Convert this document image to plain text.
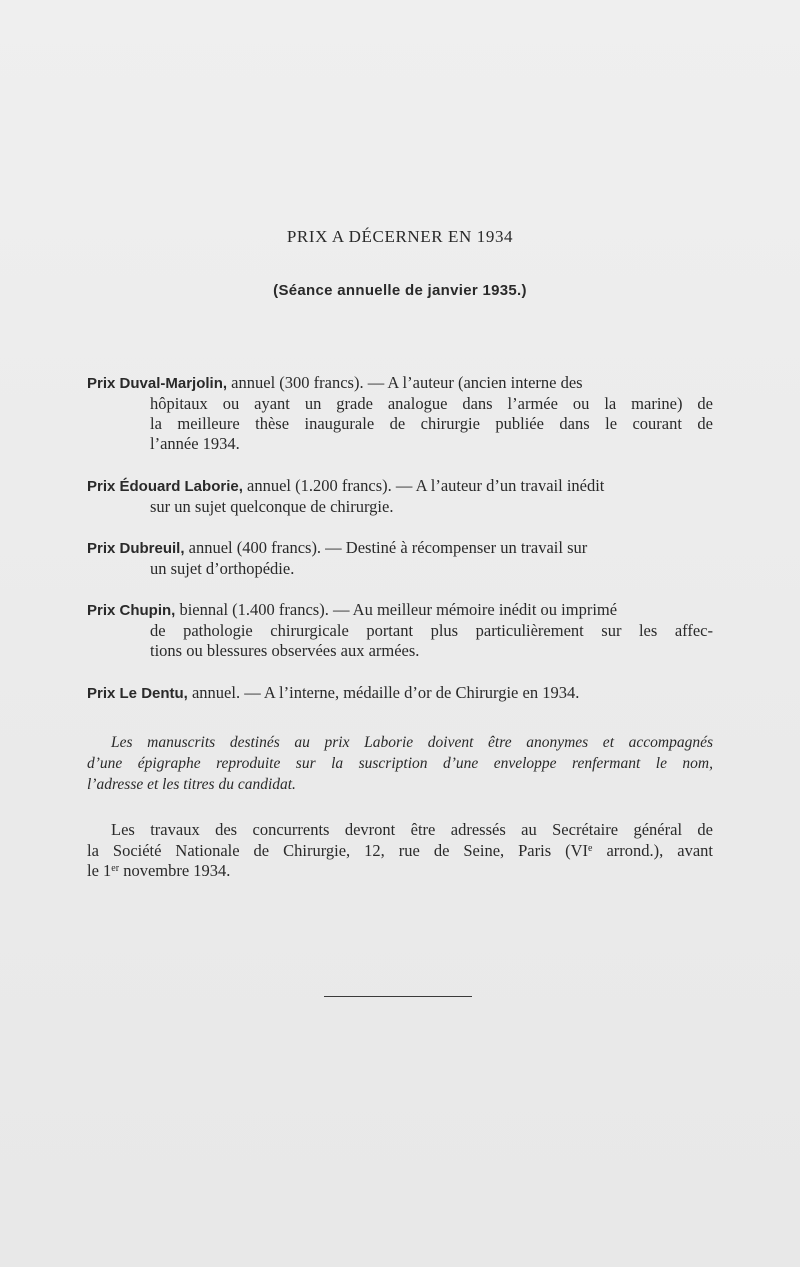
PRIX A DÉCERNER EN 1934
(Séance annuelle de janvier 1935.)
Prix Duval-Marjolin, annuel (300 francs). — A l’auteur (ancien interne des
hôpitaux ou ayant un grade analogue dans l’armée ou la marine) de
la meilleure thèse inaugurale de chirurgie publiée dans le courant de
l’année 1934.
Prix Édouard Laborie, annuel (1.200 francs). — A l’auteur d’un travail inédit
sur un sujet quelconque de chirurgie.
Prix Dubreuil, annuel (400 francs). — Destiné à récompenser un travail sur
un sujet d’orthopédie.
Prix Chupin, biennal (1.400 francs). — Au meilleur mémoire inédit ou imprimé
de pathologie chirurgicale portant plus particulièrement sur les affec-
tions ou blessures observées aux armées.
Prix Le Dentu, annuel. — A l’interne, médaille d’or de Chirurgie en 1934.
Les manuscrits destinés au prix Laborie doivent être anonymes et accompagnés
d’une épigraphe reproduite sur la suscription d’une enveloppe renfermant le nom,
l’adresse et les titres du candidat.
Les travaux des concurrents devront être adressés au Secrétaire général de
la Société Nationale de Chirurgie, 12, rue de Seine, Paris (VIe arrond.), avant
le 1er novembre 1934.
